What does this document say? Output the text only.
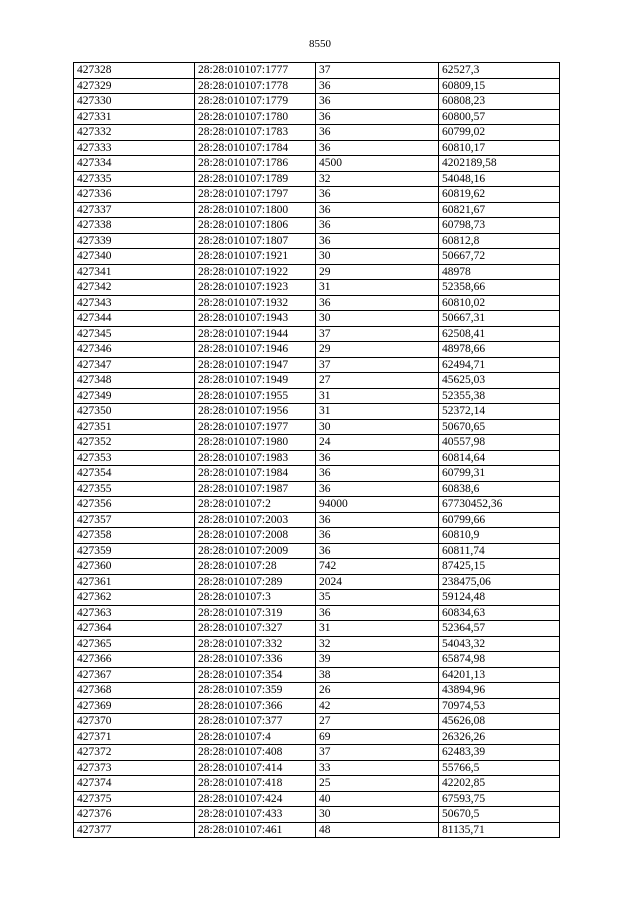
8550
427328	28:28:010107:1777	37	62527,3
427329	28:28:010107:1778	36	60809,15
427330	28:28:010107:1779	36	60808,23
427331	28:28:010107:1780	36	60800,57
427332	28:28:010107:1783	36	60799,02
427333	28:28:010107:1784	36	60810,17
427334	28:28:010107:1786	4500	4202189,58
427335	28:28:010107:1789	32	54048,16
427336	28:28:010107:1797	36	60819,62
427337	28:28:010107:1800	36	60821,67
427338	28:28:010107:1806	36	60798,73
427339	28:28:010107:1807	36	60812,8
427340	28:28:010107:1921	30	50667,72
427341	28:28:010107:1922	29	48978
427342	28:28:010107:1923	31	52358,66
427343	28:28:010107:1932	36	60810,02
427344	28:28:010107:1943	30	50667,31
427345	28:28:010107:1944	37	62508,41
427346	28:28:010107:1946	29	48978,66
427347	28:28:010107:1947	37	62494,71
427348	28:28:010107:1949	27	45625,03
427349	28:28:010107:1955	31	52355,38
427350	28:28:010107:1956	31	52372,14
427351	28:28:010107:1977	30	50670,65
427352	28:28:010107:1980	24	40557,98
427353	28:28:010107:1983	36	60814,64
427354	28:28:010107:1984	36	60799,31
427355	28:28:010107:1987	36	60838,6
427356	28:28:010107:2	94000	67730452,36
427357	28:28:010107:2003	36	60799,66
427358	28:28:010107:2008	36	60810,9
427359	28:28:010107:2009	36	60811,74
427360	28:28:010107:28	742	87425,15
427361	28:28:010107:289	2024	238475,06
427362	28:28:010107:3	35	59124,48
427363	28:28:010107:319	36	60834,63
427364	28:28:010107:327	31	52364,57
427365	28:28:010107:332	32	54043,32
427366	28:28:010107:336	39	65874,98
427367	28:28:010107:354	38	64201,13
427368	28:28:010107:359	26	43894,96
427369	28:28:010107:366	42	70974,53
427370	28:28:010107:377	27	45626,08
427371	28:28:010107:4	69	26326,26
427372	28:28:010107:408	37	62483,39
427373	28:28:010107:414	33	55766,5
427374	28:28:010107:418	25	42202,85
427375	28:28:010107:424	40	67593,75
427376	28:28:010107:433	30	50670,5
427377	28:28:010107:461	48	81135,71
